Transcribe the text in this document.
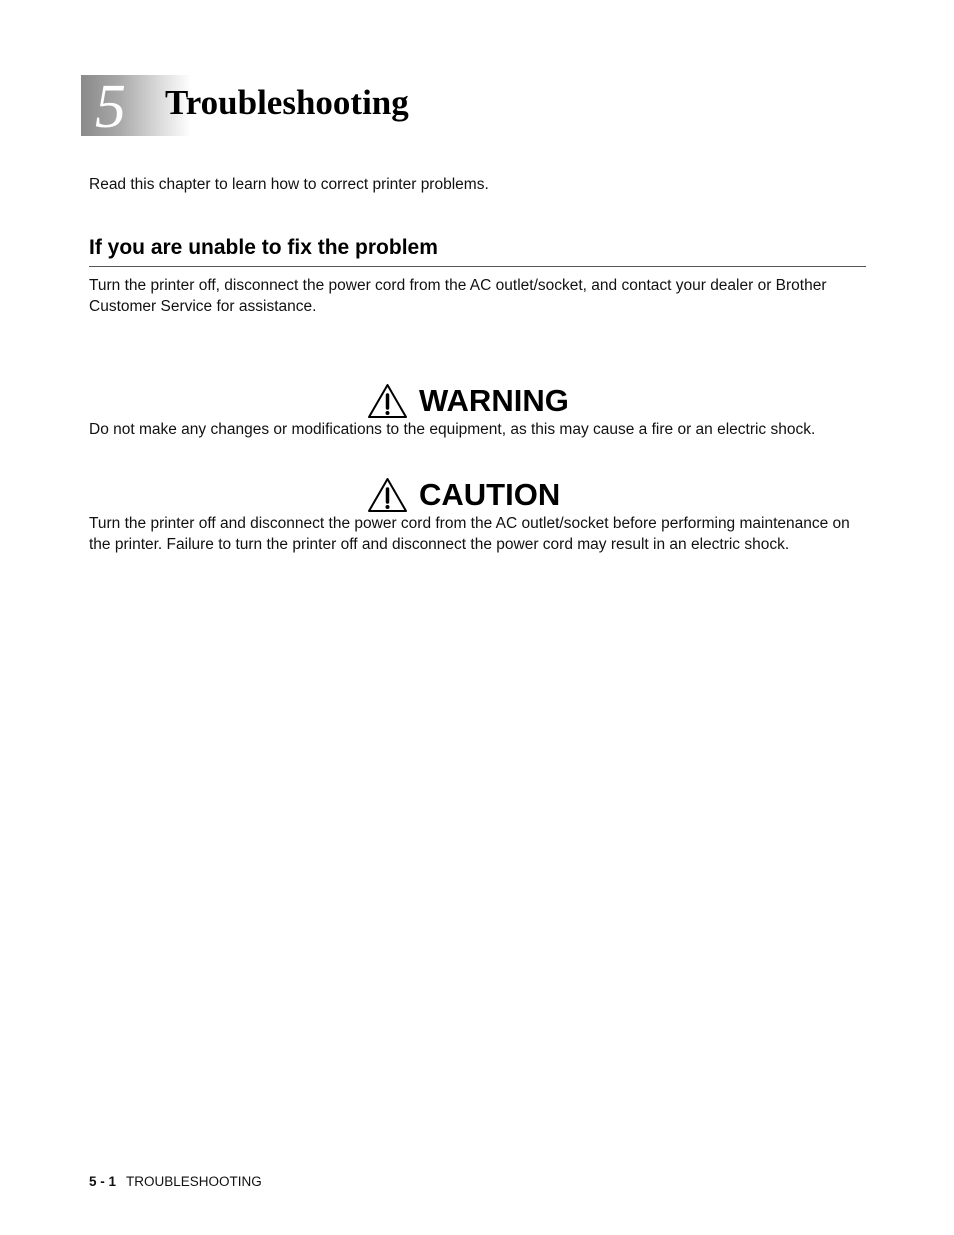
5 Troubleshooting

Read this chapter to learn how to correct printer problems.

If you are unable to fix the problem

Turn the printer off, disconnect the power cord from the AC outlet/socket, and contact your dealer or Brother Customer Service for assistance.

WARNING

Do not make any changes or modifications to the equipment, as this may cause a fire or an electric shock.

CAUTION

Turn the printer off and disconnect the power cord from the AC outlet/socket before performing maintenance on the printer. Failure to turn the printer off and disconnect the power cord may result in an electric shock.

5 - 1 TROUBLESHOOTING
